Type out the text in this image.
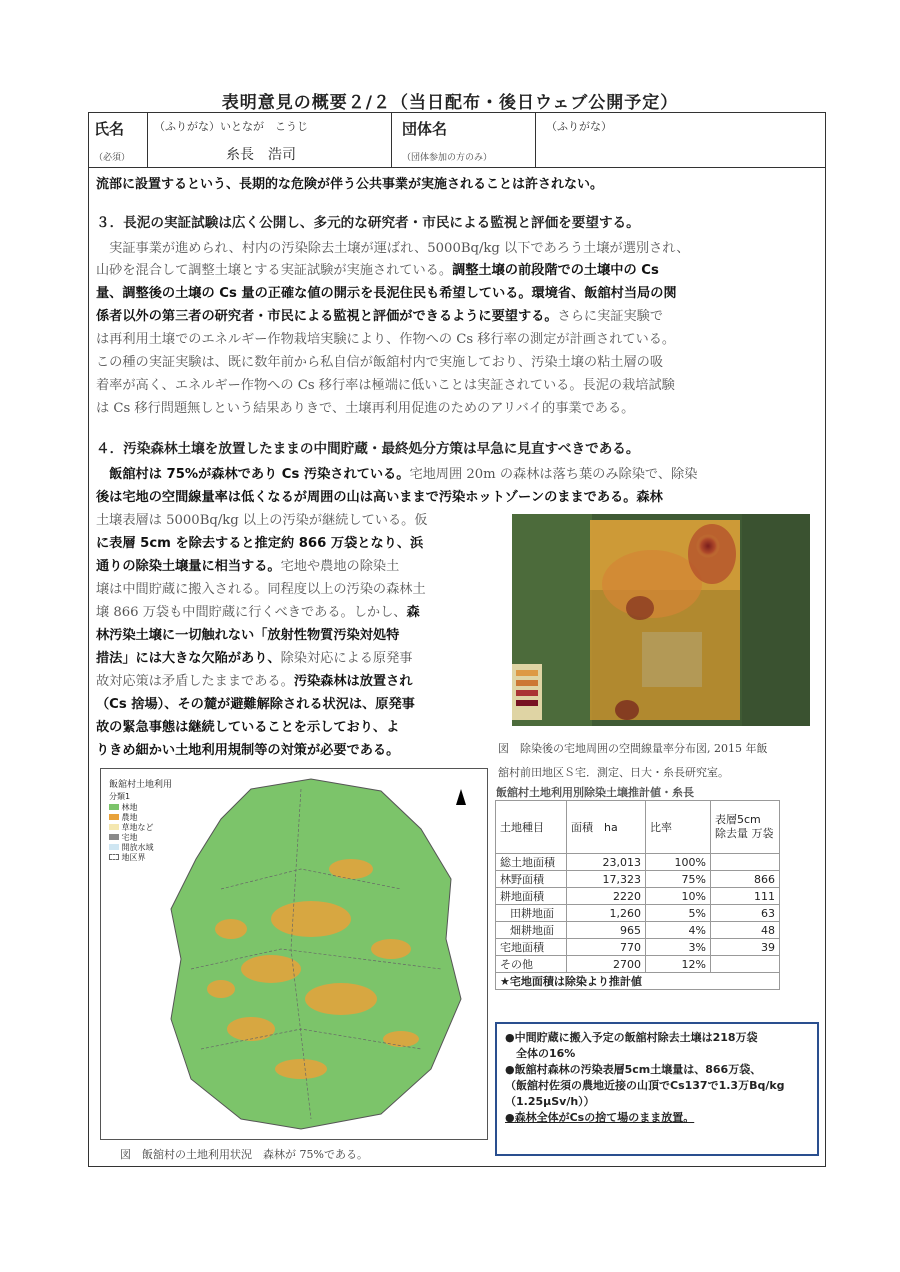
表明意見の概要２/２（当日配布・後日ウェブ公開予定）
氏名
（必須）
（ふりがな）いとなが　こうじ
糸長　浩司
団体名
（団体参加の方のみ）
（ふりがな）
流部に設置するという、長期的な危険が伴う公共事業が実施されることは許されない。
３．長泥の実証試験は広く公開し、多元的な研究者・市民による監視と評価を要望する。
　実証事業が進められ、村内の汚染除去土壌が運ばれ、5000Bq/kg 以下であろう土壌が選別され、
山砂を混合して調整土壌とする実証試験が実施されている。調整土壌の前段階での土壌中の Cs
量、調整後の土壌の Cs 量の正確な値の開示を長泥住民も希望している。環境省、飯舘村当局の関
係者以外の第三者の研究者・市民による監視と評価ができるように要望する。さらに実証実験で
は再利用土壌でのエネルギー作物栽培実験により、作物への Cs 移行率の測定が計画されている。
この種の実証実験は、既に数年前から私自信が飯舘村内で実施しており、汚染土壌の粘土層の吸
着率が高く、エネルギー作物への Cs 移行率は極端に低いことは実証されている。長泥の栽培試験
は Cs 移行問題無しという結果ありきで、土壌再利用促進のためのアリバイ的事業である。
４．汚染森林土壌を放置したままの中間貯蔵・最終処分方策は早急に見直すべきである。
　飯舘村は 75%が森林であり Cs 汚染されている。宅地周囲 20m の森林は落ち葉のみ除染で、除染
後は宅地の空間線量率は低くなるが周囲の山は高いままで汚染ホットゾーンのままである。森林
土壌表層は 5000Bq/kg 以上の汚染が継続している。仮
に表層 5cm を除去すると推定約 866 万袋となり、浜
通りの除染土壌量に相当する。宅地や農地の除染土
壌は中間貯蔵に搬入される。同程度以上の汚染の森林土
壌 866 万袋も中間貯蔵に行くべきである。しかし、森
林汚染土壌に一切触れない「放射性物質汚染対処特
措法」には大きな欠陥があり、除染対応による原発事
故対応策は矛盾したままである。汚染森林は放置され
（Cs 捨場）、その麓が避難解除される状況は、原発事
故の緊急事態は継続していることを示しており、よ
りきめ細かい土地利用規制等の対策が必要である。	図　除染後の宅地周囲の空間線量率分布図, 2015 年飯
舘村前田地区Ｓ宅．測定、日大・糸長研究室。
飯舘村土地利用
分類1
林地
農地
草地など
宅地
開放水域
地区界
図　飯舘村の土地利用状況　森林が 75%である。
飯舘村土地利用別除染土壌推計値・糸長
土地種目	面積　ha	比率	表層5cm 除去量 万袋
総土地面積	23,013	100%	
林野面積	17,323	75%	866
耕地面積	2220	10%	111
田耕地面	1,260	5%	63
畑耕地面	965	4%	48
宅地面積	770	3%	39
その他	2700	12%	
★宅地面積は除染より推計値			
●中間貯蔵に搬入予定の飯舘村除去土壌は218万袋
　全体の16%
●飯舘村森林の汚染表層5cm土壌量は、866万袋、
（飯舘村佐須の農地近接の山頂でCs137で1.3万Bq/kg
（1.25μSv/h））
●森林全体がCsの捨て場のまま放置。
